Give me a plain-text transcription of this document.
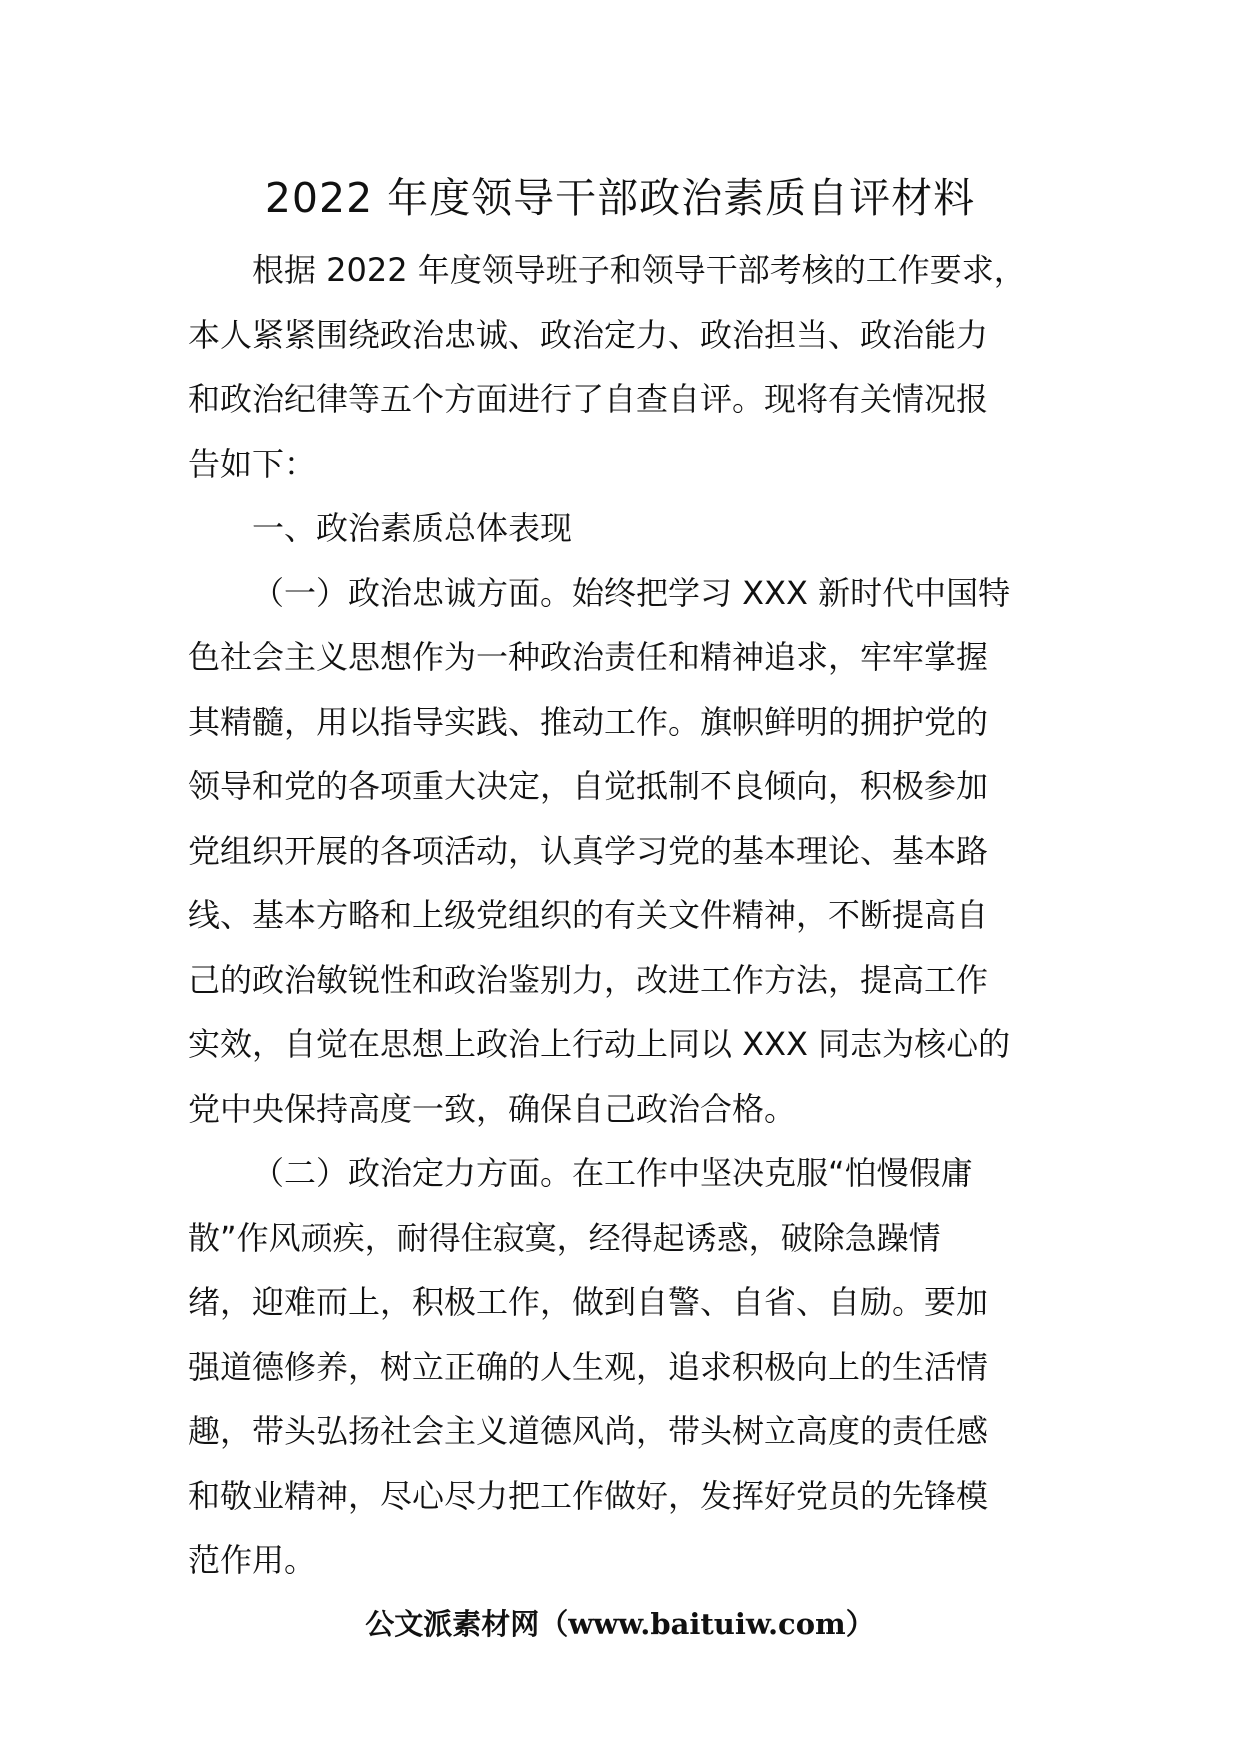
2022 年度领导干部政治素质自评材料
根据 2022 年度领导班子和领导干部考核的工作要求，
本人紧紧围绕政治忠诚、政治定力、政治担当、政治能力
和政治纪律等五个方面进行了自查自评。现将有关情况报
告如下：
一、政治素质总体表现
（一）政治忠诚方面。始终把学习 XXX 新时代中国特
色社会主义思想作为一种政治责任和精神追求，牢牢掌握
其精髓，用以指导实践、推动工作。旗帜鲜明的拥护党的
领导和党的各项重大决定，自觉抵制不良倾向，积极参加
党组织开展的各项活动，认真学习党的基本理论、基本路
线、基本方略和上级党组织的有关文件精神，不断提高自
己的政治敏锐性和政治鉴别力，改进工作方法，提高工作
实效，自觉在思想上政治上行动上同以 XXX 同志为核心的
党中央保持高度一致，确保自己政治合格。
（二）政治定力方面。在工作中坚决克服“怕慢假庸
散”作风顽疾，耐得住寂寞，经得起诱惑，破除急躁情
绪，迎难而上，积极工作，做到自警、自省、自励。要加
强道德修养，树立正确的人生观，追求积极向上的生活情
趣，带头弘扬社会主义道德风尚，带头树立高度的责任感
和敬业精神，尽心尽力把工作做好，发挥好党员的先锋模
范作用。
公文派素材网（www.baituiw.com）
